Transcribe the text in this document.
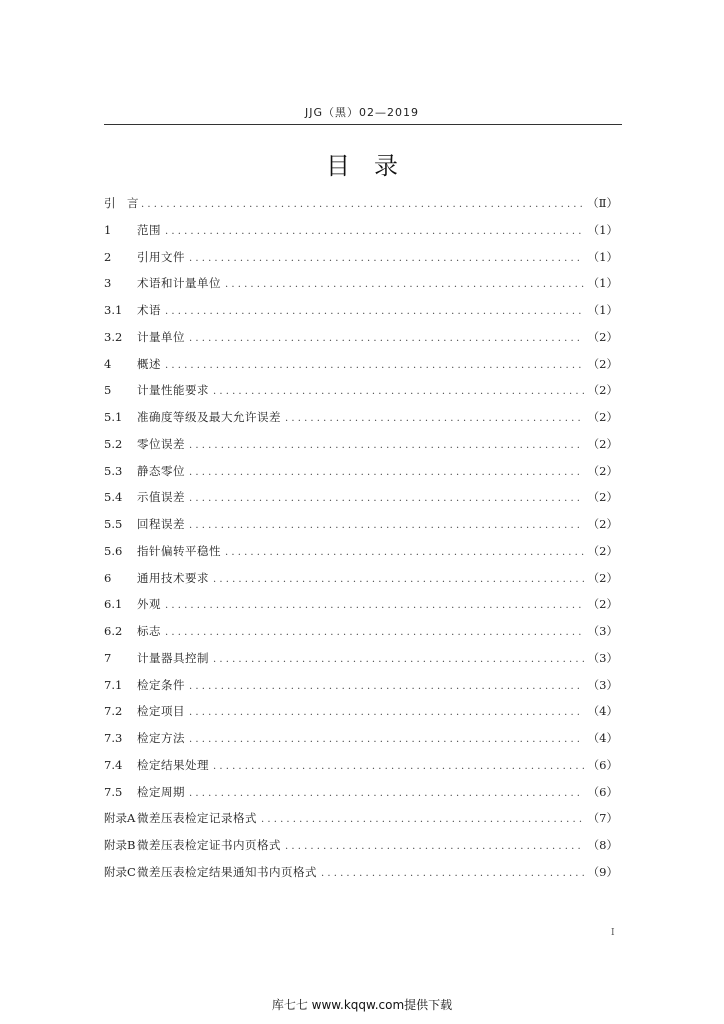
JJG（黑）02—2019
目　录
引　言 . . .	（Ⅱ）
1	范围 . . .	（1）
2	引用文件 . . .	（1）
3	术语和计量单位 . . .	（1）
3.1	术语 . . .	（1）
3.2	计量单位 . . .	（2）
4	概述 . . .	（2）
5	计量性能要求 . . .	（2）
5.1	准确度等级及最大允许误差 . . .	（2）
5.2	零位误差 . . .	（2）
5.3	静态零位 . . .	（2）
5.4	示值误差 . . .	（2）
5.5	回程误差 . . .	（2）
5.6	指针偏转平稳性 . . .	（2）
6	通用技术要求 . . .	（2）
6.1	外观 . . .	（2）
6.2	标志 . . .	（3）
7	计量器具控制 . . .	（3）
7.1	检定条件 . . .	（3）
7.2	检定项目 . . .	（4）
7.3	检定方法 . . .	（4）
7.4	检定结果处理 . . .	（6）
7.5	检定周期 . . .	（6）
附录A 微差压表检定记录格式 . . .	（7）
附录B 微差压表检定证书内页格式 . . .	（8）
附录C 微差压表检定结果通知书内页格式 . . .	（9）
Ⅰ
库七七 www.kqqw.com提供下载
